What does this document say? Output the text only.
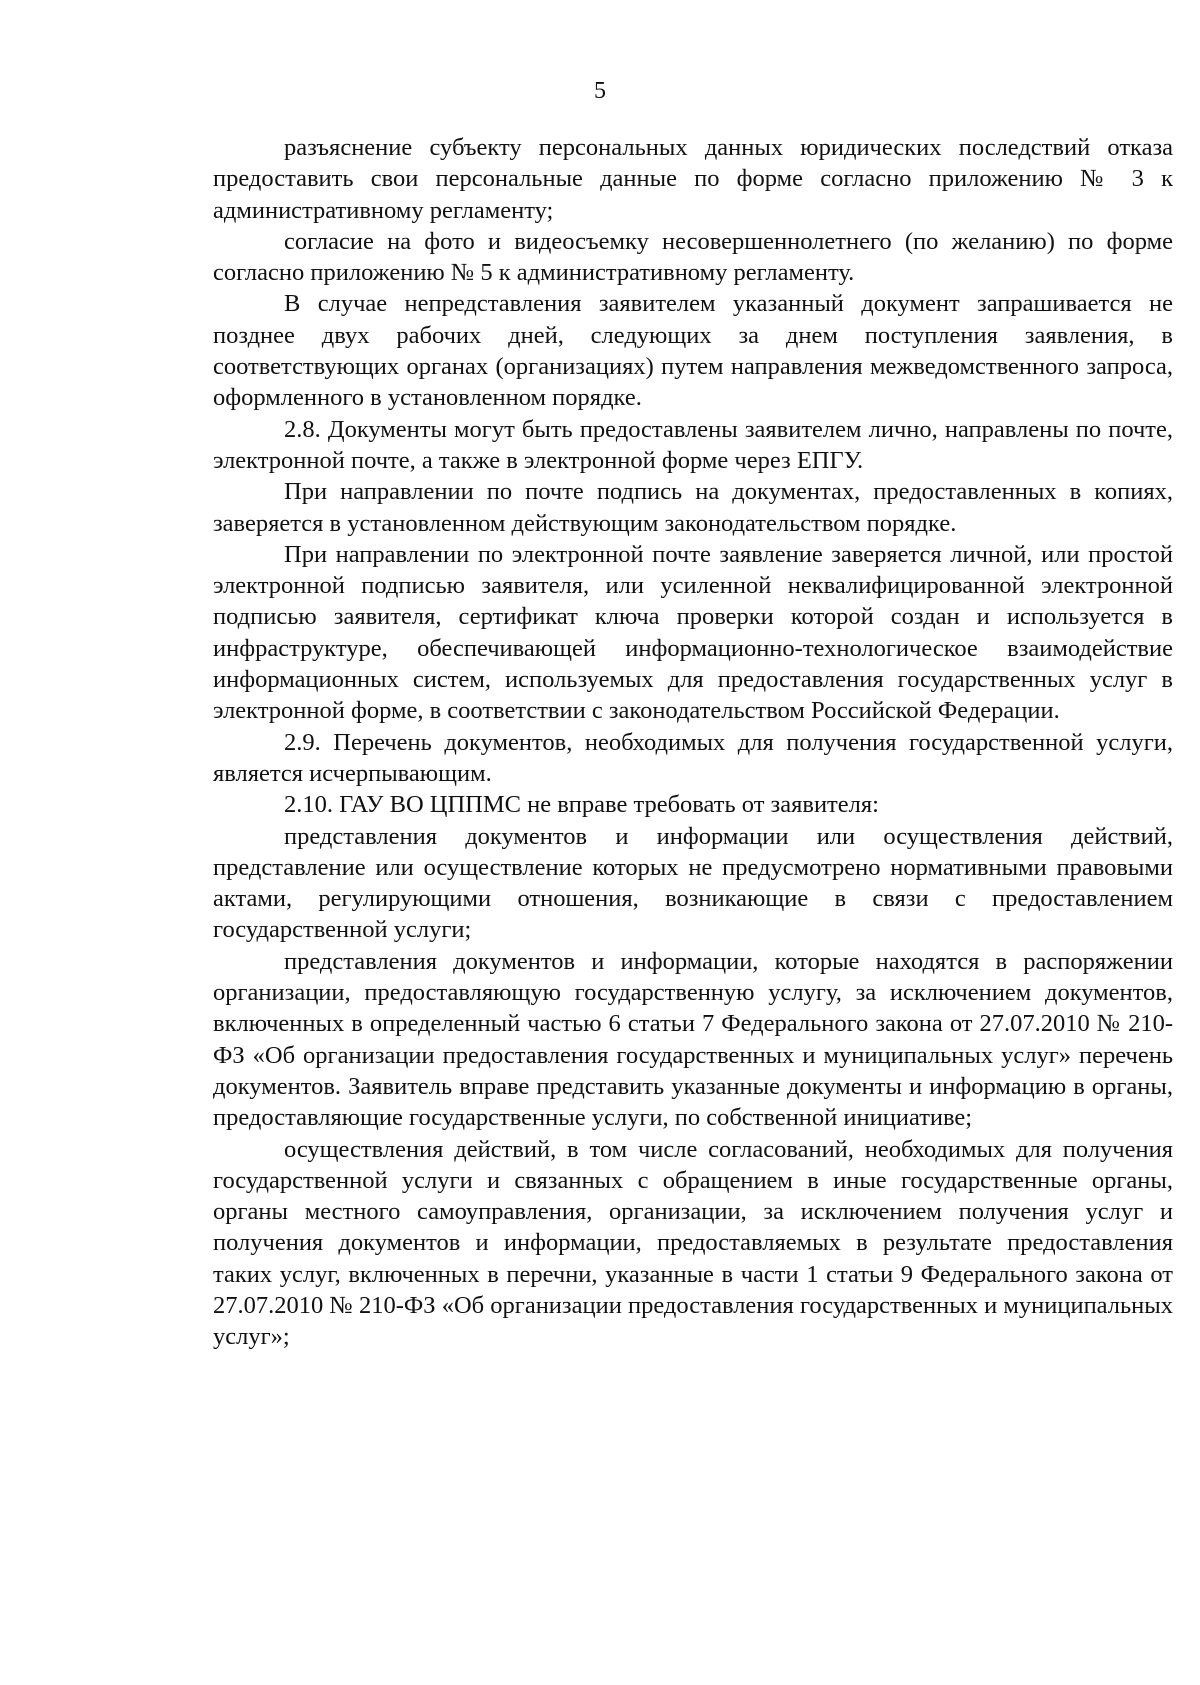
5

разъяснение субъекту персональных данных юридических последствий отказа предоставить свои персональные данные по форме согласно приложению № 3 к административному регламенту;

согласие на фото и видеосъемку несовершеннолетнего (по желанию) по форме согласно приложению № 5 к административному регламенту.

В случае непредставления заявителем указанный документ запрашивается не позднее двух рабочих дней, следующих за днем поступления заявления, в соответствующих органах (организациях) путем направления межведомственного запроса, оформленного в установленном порядке.

2.8. Документы могут быть предоставлены заявителем лично, направлены по почте, электронной почте, а также в электронной форме через ЕПГУ.

При направлении по почте подпись на документах, предоставленных в копиях, заверяется в установленном действующим законодательством порядке.

При направлении по электронной почте заявление заверяется личной, или простой электронной подписью заявителя, или усиленной неквалифицированной электронной подписью заявителя, сертификат ключа проверки которой создан и используется в инфраструктуре, обеспечивающей информационно-технологическое взаимодействие информационных систем, используемых для предоставления государственных услуг в электронной форме, в соответствии с законодательством Российской Федерации.

2.9. Перечень документов, необходимых для получения государственной услуги, является исчерпывающим.

2.10. ГАУ ВО ЦППМС не вправе требовать от заявителя:

представления документов и информации или осуществления действий, представление или осуществление которых не предусмотрено нормативными правовыми актами, регулирующими отношения, возникающие в связи с предоставлением государственной услуги;

представления документов и информации, которые находятся в распоряжении организации, предоставляющую государственную услугу, за исключением документов, включенных в определенный частью 6 статьи 7 Федерального закона от 27.07.2010 № 210-ФЗ «Об организации предоставления государственных и муниципальных услуг» перечень документов. Заявитель вправе представить указанные документы и информацию в органы, предоставляющие государственные услуги, по собственной инициативе;

осуществления действий, в том числе согласований, необходимых для получения государственной услуги и связанных с обращением в иные государственные органы, органы местного самоуправления, организации, за исключением получения услуг и получения документов и информации, предоставляемых в результате предоставления таких услуг, включенных в перечни, указанные в части 1 статьи 9 Федерального закона от 27.07.2010 № 210-ФЗ «Об организации предоставления государственных и муниципальных услуг»;
